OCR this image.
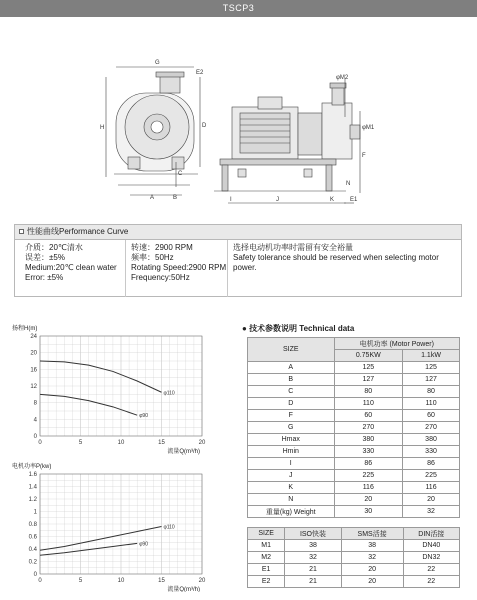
TSCP3
G
E2
H	D
A	B
C
φM2
φM1
F
I	J	K
N
E1
性能曲线Performance Curve
介质：20℃清水
误差：±5%
Medium:20℃ clean water
Error: ±5%
转速：2900 RPM
频率：50Hz
Rotating Speed:2900 RPM
Frequency:50Hz
选择电动机功率时需留有安全裕量
Safety tolerance should be reserved when selecting motor power.
0	5	10	15	20
0
4
8
12
16
20
24
扬程H(m)
流量Q(m³/h)
φ110
φ90
0	5	10	15	20
0
0.2
0.4
0.6
0.8
1
1.2
1.4
1.6
电机功率P(kw)
流量Q(m³/h)
φ110
φ90
● 技术参数说明 Technical data
SIZE	电机功率 (Motor Power)	
	0.75KW	1.1kW
A	125	125
B	127	127
C	80	80
D	110	110
F	60	60
G	270	270
Hmax	380	380
Hmin	330	330
I	86	86
J	225	225
K	116	116
N	20	20
重量(kg) Weight	30	32
SIZE	ISO快装	SMS活接	DIN活接
M1	38	38	DN40
M2	32	32	DN32
E1	21	20	22
E2	21	20	22
